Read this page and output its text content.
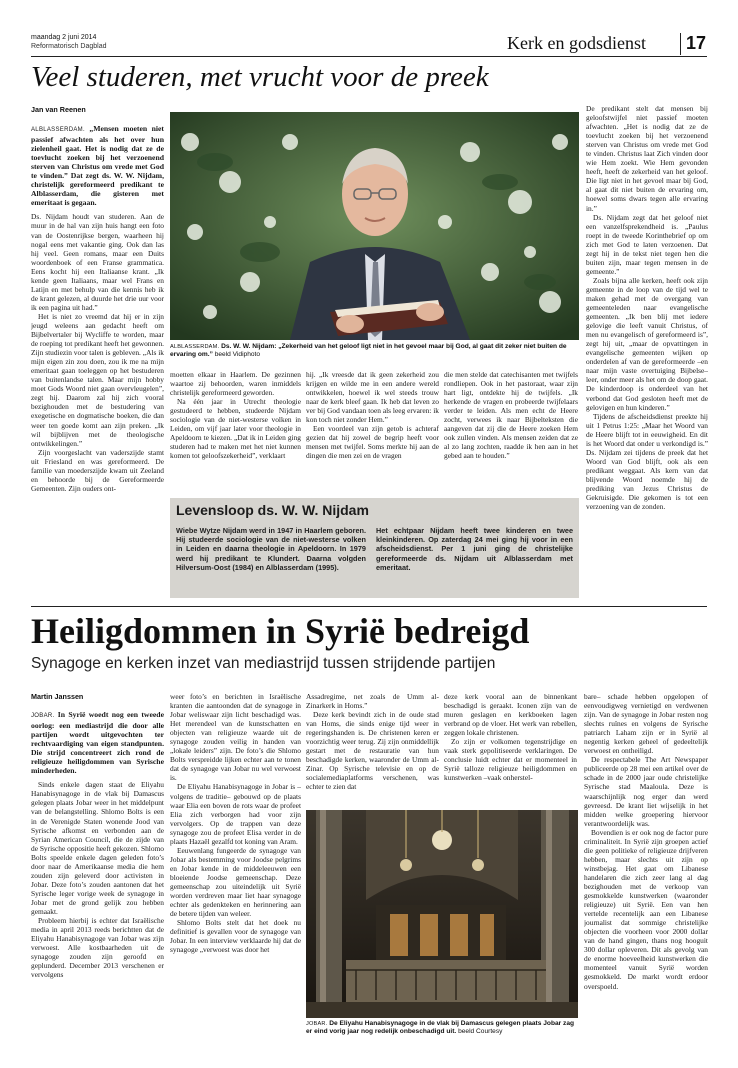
maandag 2 juni 2014
Reformatorisch Dagblad	Kerk en godsdienst 17
Veel studeren, met vrucht voor de preek
Jan van Reenen

ALBLASSERDAM. „Mensen moeten niet passief afwachten als het over hun zielenheil gaat. Het is nodig dat ze de toevlucht zoeken bij het verzoenend sterven van Christus om vrede met God te vinden.” Dat zegt ds. W. W. Nijdam, christelijk gereformeerd predikant te Alblasserdam, die gisteren met emeritaat is gegaan.

Ds. Nijdam houdt van studeren. Aan de muur in de hal van zijn huis hangt een foto van de Oostenrijkse bergen, waarheen hij nogal eens met vakantie ging. Ook dan las hij veel. Geen romans, maar een Duits woordenboek of een Franse grammatica. Eens kocht hij een Italiaanse krant. „Ik kende geen Italiaans, maar wel Frans en Latijn en met behulp van die kennis heb ik de krant gelezen, al duurde het drie uur voor ik een pagina uit had.”

Het is niet zo vreemd dat hij er in zijn jeugd weleens aan gedacht heeft om Bijbelvertaler bij Wycliffe te worden, maar de roeping tot predikant heeft het gewonnen. Zijn studiezin voor talen is gebleven. „Als ik mijn eigen zin zou doen, zou ik me na mijn emeritaat gaan toeleggen op het bestuderen van buitenlandse talen. Maar mijn hobby moet Gods Woord niet gaan overvleugelen”, zegt hij. Daarom zal hij zich vooral bezighouden met de bestudering van exegetische en dogmatische boeken, die dan weer ten goede komt aan zijn preken. „Ik wil bijblijven met de theologische ontwikkelingen.”

Zijn voorgeslacht van vaderszijde stamt uit Friesland en was gereformeerd. De familie van moederszijde kwam uit Zeeland en behoorde bij de Gereformeerde Gemeenten. Zijn ouders ont-

ALBLASSERDAM. Ds. W. W. Nijdam: „Zekerheid van het geloof ligt niet in het gevoel maar bij God, al gaat dit zeker niet buiten de ervaring om.” beeld Vidiphoto

moetten elkaar in Haarlem. De gezinnen waartoe zij behoorden, waren inmiddels christelijk gereformeerd geworden.

Na één jaar in Utrecht theologie gestudeerd te hebben, studeerde Nijdam sociologie van de niet-westerse volken in Leiden, om vijf jaar later voor theologie in Apeldoorn te kiezen. „Dat ik in Leiden ging studeren had te maken met het niet kunnen komen tot geloofszekerheid”, verklaart

hij. „Ik vreesde dat ik geen zekerheid zou krijgen en wilde me in een andere wereld ontwikkelen, hoewel ik wel steeds trouw naar de kerk bleef gaan. Ik heb dat leven zo ver bij God vandaan toen als leeg ervaren: ik kon toch niet zonder Hem.”

Een voordeel van zijn getob is achteraf gezien dat hij zowel de begrip heeft voor mensen met twijfel. Soms merkte hij aan de dingen die men zei en de vragen

die men stelde dat catechisanten met twijfels rondliepen. Ook in het pastoraat, waar zijn hart ligt, ontdekte hij de twijfels. „Ik herkende de vragen en probeerde twijfelaars verder te leiden. Als men echt de Heere zocht, verwees ik naar Bijbelteksten die aangeven dat zij die de Heere zoeken Hem ook zullen vinden. Als mensen zeiden dat ze al zo lang zochten, raadde ik hen aan in het gebed aan te houden.”

Levensloop ds. W. W. Nijdam
Wiebe Wytze Nijdam werd in 1947 in Haarlem geboren. Hij studeerde sociologie van de niet-westerse volken in Leiden en daarna theologie in Apeldoorn. In 1979 werd hij predikant te Klundert. Daarna volgden Hilversum-Oost (1984) en Alblasserdam (1995).
Het echtpaar Nijdam heeft twee kinderen en twee kleinkinderen. Op zaterdag 24 mei ging hij voor in een afscheidsdienst. Per 1 juni ging de christelijke gereformeerde ds. Nijdam uit Alblasserdam met emeritaat.

De predikant stelt dat mensen bij geloofstwijfel niet passief moeten afwachten. „Het is nodig dat ze de toevlucht zoeken bij het verzoenend sterven van Christus om vrede met God te vinden. Christus laat Zich vinden door wie Hem zoekt. Wie Hem gevonden heeft, heeft de zekerheid van het geloof. Die ligt niet in het gevoel maar bij God, al gaat dit niet buiten de ervaring om, hoewel soms dwars tegen alle ervaring in.”

Ds. Nijdam zegt dat het geloof niet een vanzelfsprekendheid is. „Paulus roept in de tweede Korinthebrief op om zich met God te laten verzoenen. Dat zegt hij in de tekst niet tegen hen die buiten zijn, maar tegen mensen in de gemeente.”

Zoals bijna alle kerken, heeft ook zijn gemeente in de loop van de tijd wel te maken gehad met de overgang van gemeenteleden naar evangelische gemeenten. „Ik ben blij met iedere gelovige die leeft vanuit Christus, of men nu evangelisch of gereformeerd is”, zegt hij uit, „maar de opvattingen in evangelische gemeenten wijken op onderdelen af van de gereformeerde –en naar mijn vaste overtuiging Bijbelse– leer, onder meer als het om de doop gaat. De kinderdoop is onderdeel van het verbond dat God gesloten heeft met de gelovigen en hun kinderen.”

Tijdens de afscheidsdienst preekte hij uit 1 Petrus 1:25: „Maar het Woord van de Heere blijft tot in eeuwigheid. En dit is het Woord dat onder u verkondigd is.” Ds. Nijdam zei tijdens de preek dat het Woord van God blijft, ook als een predikant weggaat. Als kern van dat blijvende Woord noemde hij de prediking van Jezus Christus de Gekruisigde. Die gekomen is tot een verzoening van de zonden.

Heiligdommen in Syrië bedreigd
Synagoge en kerken inzet van mediastrijd tussen strijdende partijen
Martin Janssen

JOBAR. In Syrië woedt nog een tweede oorlog: een mediastrijd die door alle partijen wordt uitgevochten ter rechtvaardiging van eigen standpunten. Die strijd concentreert zich rond de religieuze heiligdommen van Syrische minderheden.

Sinds enkele dagen staat de Eliyahu Hanabisynagoge in de vlak bij Damascus gelegen plaats Jobar weer in het middelpunt van de belangstelling. Shlomo Bolts is een in de Verenigde Staten wonende Jood van Syrische afkomst en verbonden aan de Syrian American Council, die de zijde van de Syrische oppositie heeft gekozen. Shlomo Bolts speelde enkele dagen geleden foto’s door naar de Amerikaanse media die hem zouden zijn geleverd door activisten in Jobar. Deze foto’s zouden aantonen dat het Syrische leger vorige week de synagoge in Jobar met de grond gelijk zou hebben gemaakt.

Probleem hierbij is echter dat Israëlische media in april 2013 reeds berichtten dat de Eliyahu Hanabisynagoge van Jobar was zijn verwoest. Alle kostbaarheden uit de synagoge zouden zijn geroofd en geplunderd. December 2013 verschenen er vervolgens

weer foto’s en berichten in Israëlische kranten die aantoonden dat de synagoge in Jobar weliswaar zijn licht beschadigd was. Het merendeel van de kunstschatten en objecten van religieuze waarde uit de synagoge zouden veilig in handen van „lokale leiders” zijn. De foto’s die Shlomo Bolts verspreidde lijken echter aan te tonen dat de synagoge van Jobar nu wel verwoest is.

De Eliyahu Hanabisynagoge in Jobar is –volgens de traditie– gebouwd op de plaats waar Elia een boven de rots waar de profeet Elia zich verborgen had voor zijn vervolgers. Op de trappen van deze synagoge zou de profeet Elisa verder in de plaats Hazaël gezalfd tot koning van Aram.

Eeuwenlang fungeerde de synagoge van Jobar als bestemming voor Joodse pelgrims en Jobar kende in de middeleeuwen een bloeiende Joodse gemeenschap. Deze gemeenschap zou uiteindelijk uit Syrië worden verdreven maar liet haar synagoge echter als gedenkteken en herinnering aan de betere tijden van weleer.

Shlomo Bolts stelt dat het doek nu definitief is gevallen voor de synagoge van Jobar. In een interview verklaarde hij dat de synagoge „verwoest was door het

Assadregime, net zoals de Umm al-Zinarkerk in Homs.”

Deze kerk bevindt zich in de oude stad van Homs, die sinds enige tijd weer in regeringshanden is. De christenen keren er voorzichtig weer terug. Zij zijn onmiddellijk gestart met de restauratie van hun beschadigde kerken, waaronder de Umm al-Zinar. Op Syrische televisie en op de socialemediaplatforms verschenen, was echter te zien dat

deze kerk vooral aan de binnenkant beschadigd is geraakt. Iconen zijn van de muren geslagen en kerkboeken lagen verbrand op de vloer. Het werk van rebellen, zeggen lokale christenen.

Zo zijn er volkomen tegenstrijdige en vaak sterk gepolitiseerde verklaringen. De conclusie luidt echter dat er momenteel in Syrië talloze religieuze heiligdommen en kunstwerken –vaak onherstel-

JOBAR. De Eliyahu Hanabisynagoge in de vlak bij Damascus gelegen plaats Jobar zag er eind vorig jaar nog redelijk onbeschadigd uit. beeld Courtesy

bare– schade hebben opgelopen of eenvoudigweg vernietigd en verdwenen zijn. Van de synagoge in Jobar resten nog slechts ruïnes en volgens de Syrische patriarch Laham zijn er in Syrië al negentig kerken geheel of gedeeltelijk verwoest en ontheiligd.

De respectabele The Art Newspaper publiceerde op 28 mei een artikel over de schade in de 2000 jaar oude christelijke Syrische stad Maaloula. Deze is waarschijnlijk nog erger dan werd gevreesd. De krant liet wijselijk in het midden welke groepering hiervoor verantwoordelijk was.

Bovendien is er ook nog de factor pure criminaliteit. In Syrië zijn groepen actief die geen politieke of religieuze drijfveren hebben, maar slechts uit zijn op winstbejag. Het gaat om Libanese handelaren die zich zeer lang al dag bezighouden met de verkoop van gesmokkelde kunstwerken (waaronder religieuze) uit Syrië. Een van hen vertelde recentelijk aan een Libanese journalist dat sommige christelijke objecten die voorheen voor 2000 dollar van de hand gingen, thans nog hooguit 300 dollar opleveren. Dit als gevolg van de enorme hoeveelheid kunstwerken die momenteel vanuit Syrië worden gesmokkeld. De markt wordt erdoor overspoeld.
